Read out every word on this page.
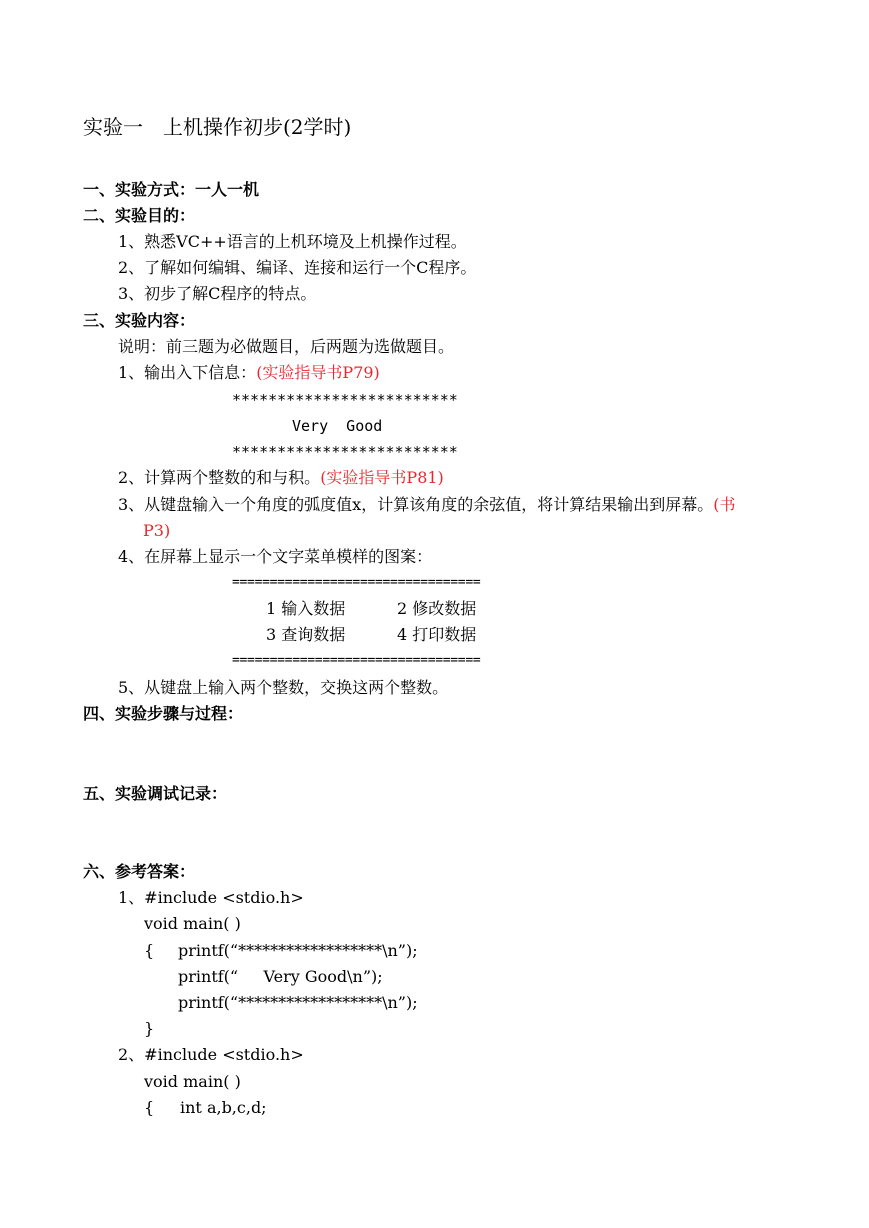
实验一　上机操作初步(2学时)
一、实验方式：一人一机
二、实验目的：
1、熟悉VC++语言的上机环境及上机操作过程。
2、了解如何编辑、编译、连接和运行一个C程序。
3、初步了解C程序的特点。
三、实验内容：
说明：前三题为必做题目，后两题为选做题目。
1、输出入下信息：(实验指导书P79)
*************************
Very  Good
*************************
2、计算两个整数的和与积。(实验指导书P81)
3、从键盘输入一个角度的弧度值x，计算该角度的余弦值，将计算结果输出到屏幕。(书
P3)
4、在屏幕上显示一个文字菜单模样的图案：
=================================
1 输入数据	2 修改数据
3 查询数据	4 打印数据
=================================
5、从键盘上输入两个整数，交换这两个整数。
四、实验步骤与过程：
五、实验调试记录：
六、参考答案：
1、#include <stdio.h>
void main( )
{ printf(“******************\n”);
printf(“     Very Good\n”);
printf(“******************\n”);
}
2、#include <stdio.h>
void main( )
{ int a,b,c,d;
